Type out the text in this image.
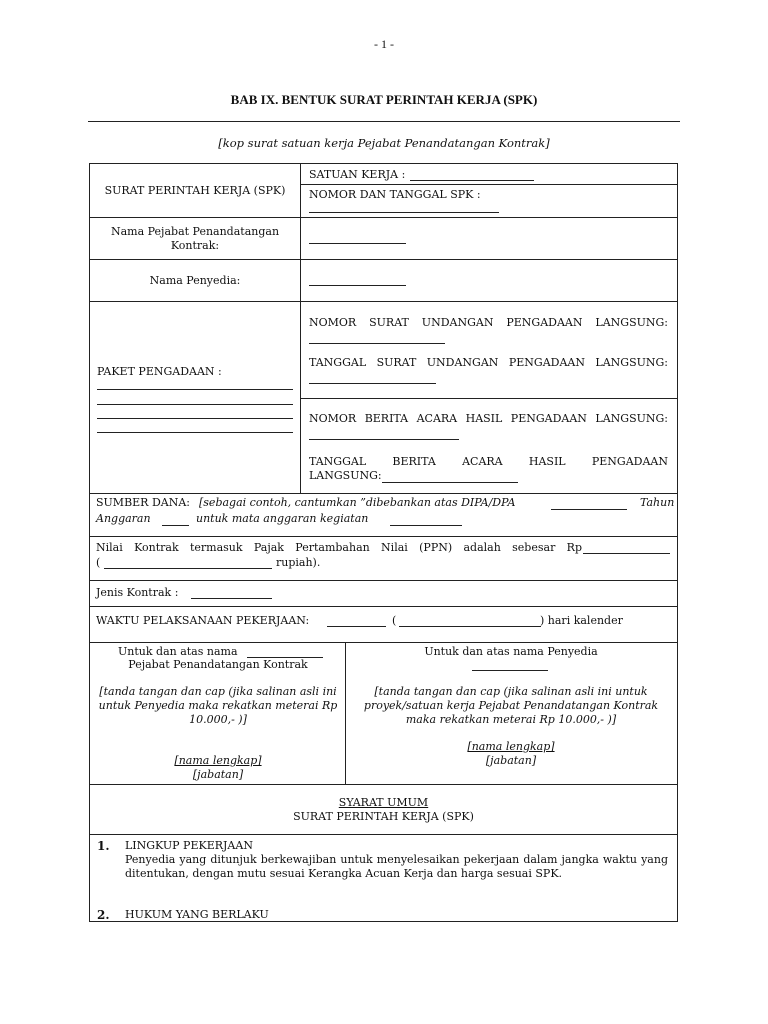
- 1 -
BAB IX. BENTUK SURAT PERINTAH KERJA (SPK)
[kop surat satuan kerja Pejabat Penandatangan Kontrak]
SURAT PERINTAH KERJA (SPK)
SATUAN KERJA :
NOMOR DAN TANGGAL SPK :
Nama Pejabat Penandatangan Kontrak:
Nama Penyedia:
PAKET PENGADAAN :
NOMOR SURAT UNDANGAN PENGADAAN LANGSUNG:
TANGGAL SURAT UNDANGAN PENGADAAN LANGSUNG:
NOMOR BERITA ACARA HASIL PENGADAAN LANGSUNG:
TANGGAL BERITA ACARA HASIL PENGADAAN
LANGSUNG:
SUMBER DANA: [sebagai contoh, cantumkan ”dibebankan atas DIPA/DPA	Tahun
Anggaran	untuk mata anggaran kegiatan
Nilai Kontrak termasuk Pajak Pertambahan Nilai (PPN) adalah sebesar Rp
(	rupiah).
Jenis Kontrak :
WAKTU PELAKSANAAN PEKERJAAN:	(	) hari kalender
Untuk dan atas nama
Pejabat Penandatangan Kontrak
[tanda tangan dan cap (jika salinan asli ini untuk Penyedia maka rekatkan meterai Rp 10.000,- )]
[nama lengkap]
[jabatan]
Untuk dan atas nama Penyedia
[tanda tangan dan cap (jika salinan asli ini untuk proyek/satuan kerja Pejabat Penandatangan Kontrak maka rekatkan meterai Rp 10.000,- )]
[nama lengkap]
[jabatan]
SYARAT UMUM
SURAT PERINTAH KERJA (SPK)
1. LINGKUP PEKERJAAN
Penyedia yang ditunjuk berkewajiban untuk menyelesaikan pekerjaan dalam jangka waktu yang ditentukan, dengan mutu sesuai Kerangka Acuan Kerja dan harga sesuai SPK.
2. HUKUM YANG BERLAKU
